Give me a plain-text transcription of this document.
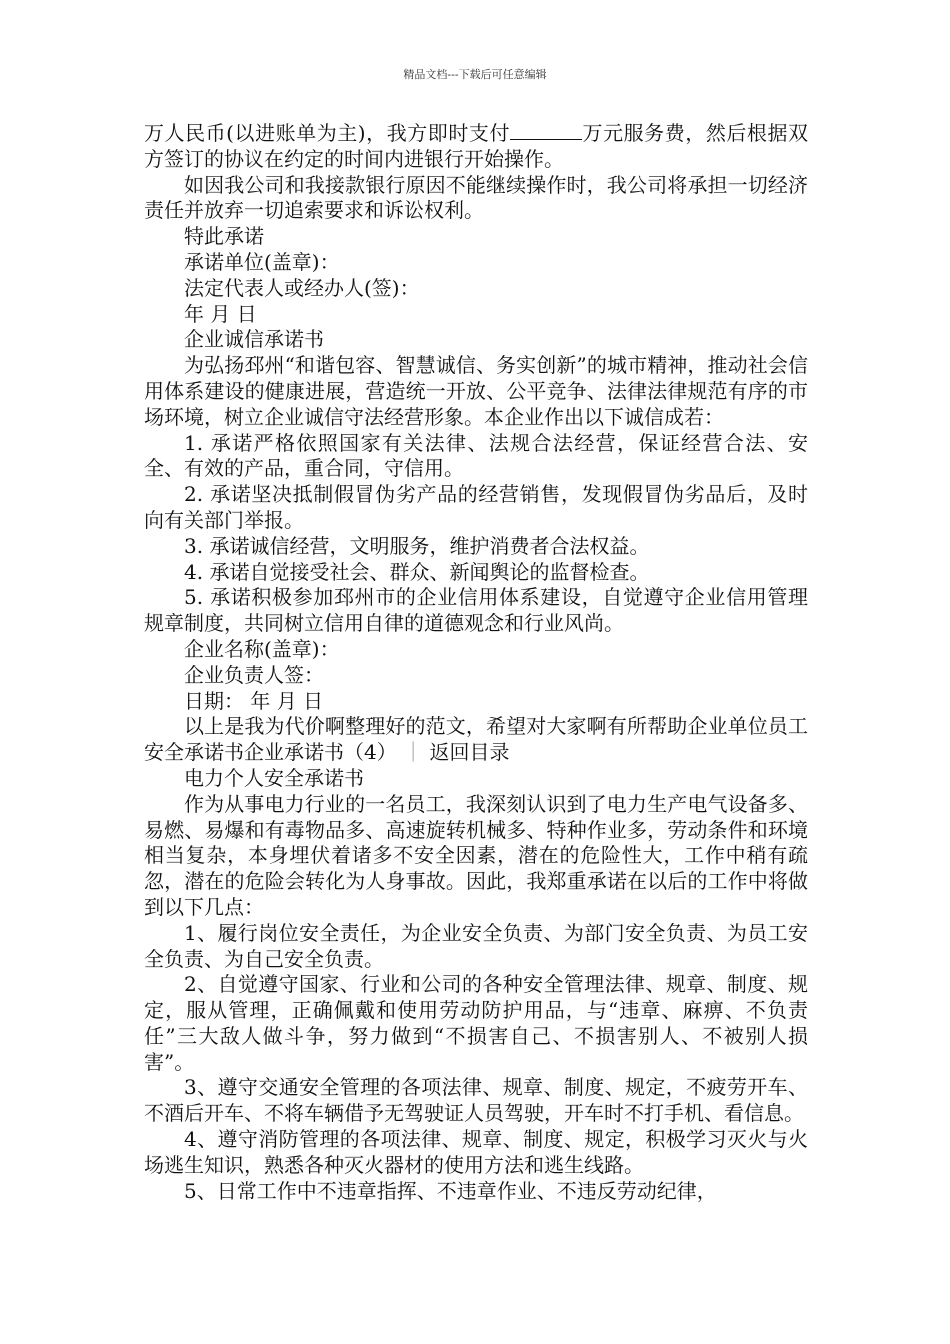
精品文档---下载后可任意编辑

万人民币(以进账单为主)，我方即时支付	万元服务费，然后根据双方签订的协议在约定的时间内进银行开始操作。

如因我公司和我接款银行原因不能继续操作时，我公司将承担一切经济责任并放弃一切追索要求和诉讼权利。

特此承诺

承诺单位(盖章)：

法定代表人或经办人(签)：

年 月 日

企业诚信承诺书

为弘扬邳州“和谐包容、智慧诚信、务实创新”的城市精神，推动社会信用体系建设的健康进展，营造统一开放、公平竞争、法律法律规范有序的市场环境，树立企业诚信守法经营形象。本企业作出以下诚信成若：

1. 承诺严格依照国家有关法律、法规合法经营，保证经营合法、安全、有效的产品，重合同，守信用。

2. 承诺坚决抵制假冒伪劣产品的经营销售，发现假冒伪劣品后，及时向有关部门举报。

3. 承诺诚信经营，文明服务，维护消费者合法权益。

4. 承诺自觉接受社会、群众、新闻舆论的监督检查。

5. 承诺积极参加邳州市的企业信用体系建设，自觉遵守企业信用管理规章制度，共同树立信用自律的道德观念和行业风尚。

企业名称(盖章)：

企业负责人签：

日期： 年 月 日

以上是我为代价啊整理好的范文，希望对大家啊有所帮助企业单位员工安全承诺书企业承诺书（4） ｜ 返回目录

电力个人安全承诺书

作为从事电力行业的一名员工，我深刻认识到了电力生产电气设备多、易燃、易爆和有毒物品多、高速旋转机械多、特种作业多，劳动条件和环境相当复杂，本身埋伏着诸多不安全因素，潜在的危险性大，工作中稍有疏忽，潜在的危险会转化为人身事故。因此，我郑重承诺在以后的工作中将做到以下几点：

1、履行岗位安全责任，为企业安全负责、为部门安全负责、为员工安全负责、为自己安全负责。

2、自觉遵守国家、行业和公司的各种安全管理法律、规章、制度、规定，服从管理，正确佩戴和使用劳动防护用品，与“违章、麻痹、不负责任”三大敌人做斗争，努力做到“不损害自己、不损害别人、不被别人损害”。

3、遵守交通安全管理的各项法律、规章、制度、规定，不疲劳开车、不酒后开车、不将车辆借予无驾驶证人员驾驶，开车时不打手机、看信息。

4、遵守消防管理的各项法律、规章、制度、规定，积极学习灭火与火场逃生知识，熟悉各种灭火器材的使用方法和逃生线路。

5、日常工作中不违章指挥、不违章作业、不违反劳动纪律，
